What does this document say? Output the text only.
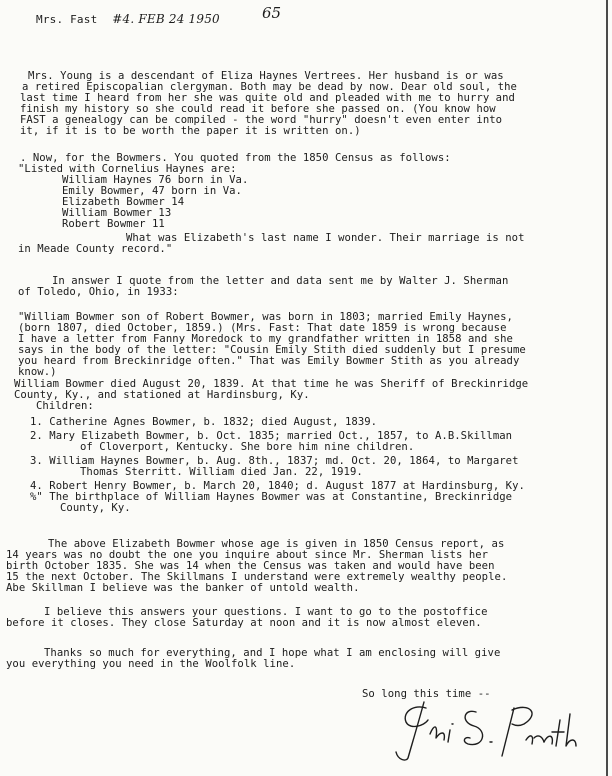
Mrs. Fast #4. FEB 24 1950	65
Mrs. Young is a descendant of Eliza Haynes Vertrees. Her husband is or was
a retired Episcopalian clergyman. Both may be dead by now. Dear old soul, the
last time I heard from her she was quite old and pleaded with me to hurry and
finish my history so she could read it before she passed on. (You know how
FAST a genealogy can be compiled - the word "hurry" doesn't even enter into
it, if it is to be worth the paper it is written on.)
. Now, for the Bowmers. You quoted from the 1850 Census as follows:
"Listed with Cornelius Haynes are:
William Haynes 76 born in Va.
Emily Bowmer, 47 born in Va.
Elizabeth Bowmer 14
William Bowmer 13
Robert Bowmer 11
What was Elizabeth's last name I wonder. Their marriage is not
in Meade County record."
In answer I quote from the letter and data sent me by Walter J. Sherman
of Toledo, Ohio, in 1933:
"William Bowmer son of Robert Bowmer, was born in 1803; married Emily Haynes,
(born 1807, died October, 1859.) (Mrs. Fast: That date 1859 is wrong because
I have a letter from Fanny Moredock to my grandfather written in 1858 and she
says in the body of the letter: "Cousin Emily Stith died suddenly but I presume
you heard from Breckinridge often." That was Emily Bowmer Stith as you already
know.)
William Bowmer died August 20, 1839. At that time he was Sheriff of Breckinridge
County, Ky., and stationed at Hardinsburg, Ky.
Children:
1. Catherine Agnes Bowmer, b. 1832; died August, 1839.
2. Mary Elizabeth Bowmer, b. Oct. 1835; married Oct., 1857, to A.B.Skillman
of Cloverport, Kentucky. She bore him nine children.
3. William Haynes Bowmer, b. Aug. 8th., 1837; md. Oct. 20, 1864, to Margaret
Thomas Sterritt. William died Jan. 22, 1919.
4. Robert Henry Bowmer, b. March 20, 1840; d. August 1877 at Hardinsburg, Ky.
%" The birthplace of William Haynes Bowmer was at Constantine, Breckinridge
County, Ky.
The above Elizabeth Bowmer whose age is given in 1850 Census report, as
14 years was no doubt the one you inquire about since Mr. Sherman lists her
birth October 1835. She was 14 when the Census was taken and would have been
15 the next October. The Skillmans I understand were extremely wealthy people.
Abe Skillman I believe was the banker of untold wealth.
I believe this answers your questions. I want to go to the postoffice
before it closes. They close Saturday at noon and it is now almost eleven.
Thanks so much for everything, and I hope what I am enclosing will give
you everything you need in the Woolfolk line.
So long this time --
